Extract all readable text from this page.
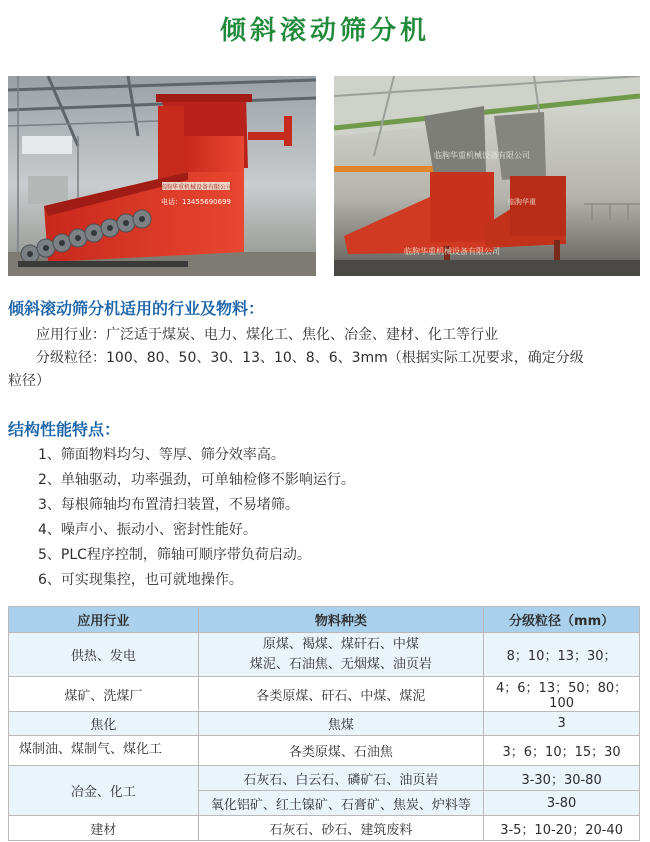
倾斜滚动筛分机
临朐华重机械设备有限公司
电话：13455690699
临朐华重机械设备有限公司
临朐华重
临朐华重机械设备有限公司
倾斜滚动筛分机适用的行业及物料：
应用行业：广泛适于煤炭、电力、煤化工、焦化、冶金、建材、化工等行业
分级粒径：100、80、50、30、13、10、8、6、3mm（根据实际工况要求，确定分级
粒径）
结构性能特点：
1、筛面物料均匀、等厚、筛分效率高。
2、单轴驱动，功率强劲，可单轴检修不影响运行。
3、每根筛轴均布置清扫装置，不易堵筛。
4、噪声小、振动小、密封性能好。
5、PLC程序控制，筛轴可顺序带负荷启动。
6、可实现集控，也可就地操作。
应用行业	物料种类	分级粒径（mm）
供热、发电	原煤、褐煤、煤矸石、中煤
煤泥、石油焦、无烟煤、油页岩	8；10；13；30；
煤矿、洗煤厂	各类原煤、矸石、中煤、煤泥	4；6；13；50；80；100
焦化	焦煤	3
煤制油、煤制气、煤化工	各类原煤、石油焦	3；6；10；15；30
冶金、化工	石灰石、白云石、磷矿石、油页岩	3-30；30-80
	氧化铝矿、红土镍矿、石膏矿、焦炭、炉料等	3-80
建材	石灰石、砂石、建筑废料	3-5；10-20；20-40
